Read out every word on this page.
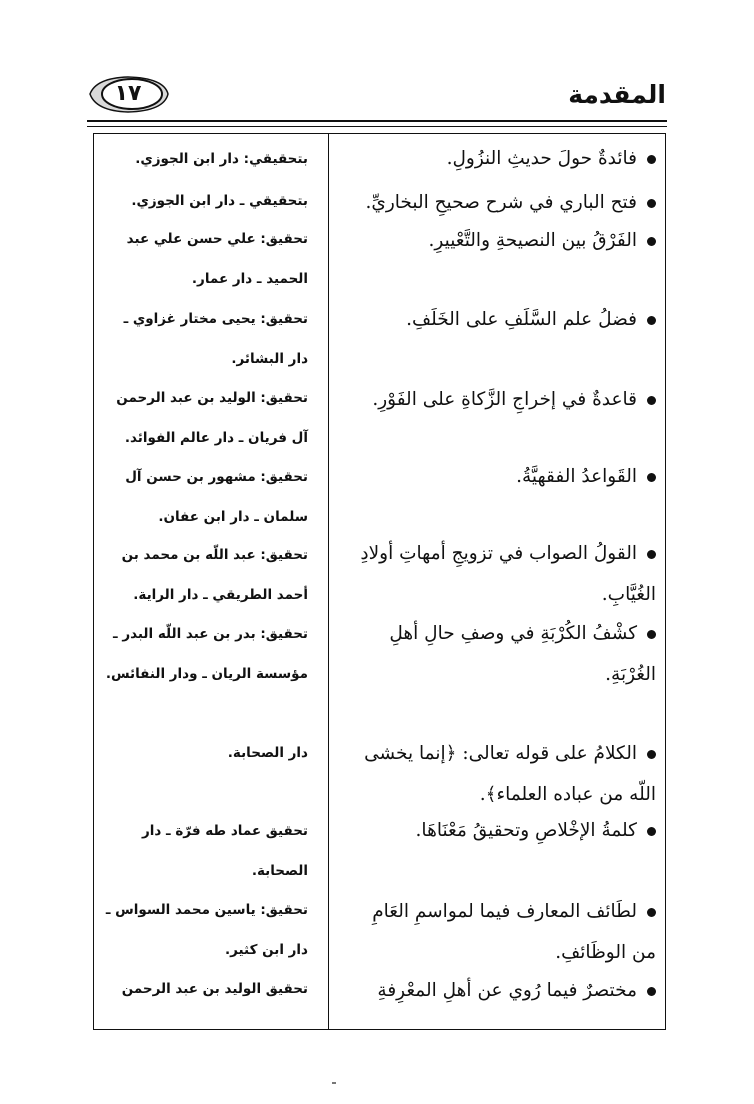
١٧	المقدمة
فائدةٌ حولَ حديثِ النزُولِ.
بتحقيقي: دار ابن الجوزي.
فتح الباري في شرح صحيحِ البخاريِّ.
بتحقيقي ـ دار ابن الجوزي.
الفَرْقُ بين النصيحةِ والتَّعْييرِ.
تحقيق: علي حسن علي عبد الحميد ـ دار عمار.
فضلُ علم السَّلَفِ على الخَلَفِ.
تحقيق: يحيى مختار غزاوي ـ دار البشائر.
قاعدةٌ في إخراجِ الزَّكاةِ على الفَوْرِ.
تحقيق: الوليد بن عبد الرحمن آل فريان ـ دار عالم الفوائد.
القَواعدُ الفقهيَّةُ.
تحقيق: مشهور بن حسن آل سلمان ـ دار ابن عفان.
القولُ الصواب في تزويجِ أمهاتِ أولادِ الغُيَّابِ.
تحقيق: عبد اللّه بن محمد بن أحمد الطريقي ـ دار الراية.
كشْفُ الكُرْبَةِ في وصفِ حالِ أهلِ الغُرْبَةِ.
تحقيق: بدر بن عبد اللّه البدر ـ مؤسسة الريان ـ ودار النفائس.
الكلامُ على قوله تعالى: ﴿إنما يخشى اللّه من عباده العلماء﴾.
دار الصحابة.
كلمةُ الإخْلاصِ وتحقيقُ مَعْنَاهَا.
تحقيق عماد طه فرّة ـ دار الصحابة.
لطَائف المعارف فيما لمواسمِ العَامِ من الوظَائفِ.
تحقيق: ياسين محمد السواس ـ دار ابن كثير.
مختصرٌ فيما رُوي عن أهلِ المعْرِفةِ
تحقيق الوليد بن عبد الرحمن
